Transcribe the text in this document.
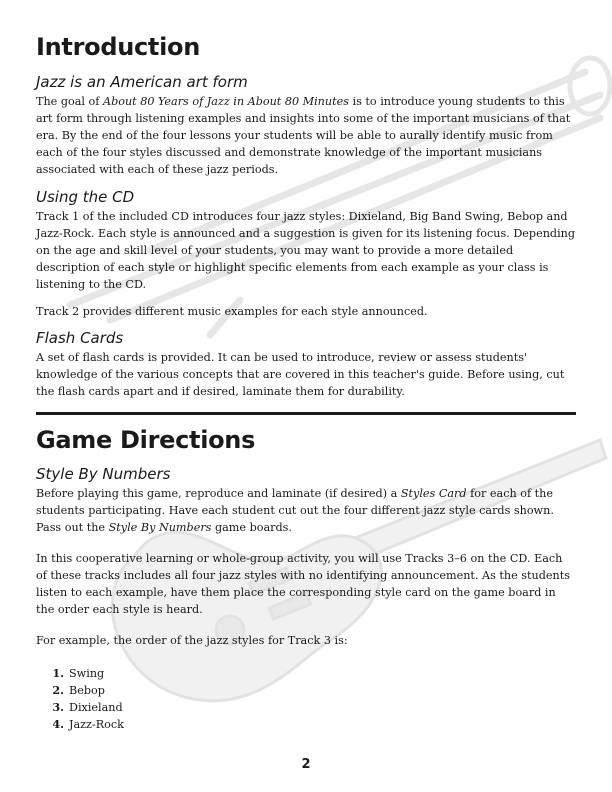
Introduction
Jazz is an American art form

The goal of About 80 Years of Jazz in About 80 Minutes is to introduce young students to this art form through listening examples and insights into some of the important musicians of that era. By the end of the four lessons your students will be able to aurally identify music from each of the four styles discussed and demonstrate knowledge of the important musicians associated with each of these jazz periods.

Using the CD

Track 1 of the included CD introduces four jazz styles: Dixieland, Big Band Swing, Bebop and Jazz-Rock. Each style is announced and a suggestion is given for its listening focus. Depending on the age and skill level of your students, you may want to provide a more detailed description of each style or highlight specific elements from each example as your class is listening to the CD.

Track 2 provides different music examples for each style announced.

Flash Cards

A set of flash cards is provided. It can be used to introduce, review or assess students' knowledge of the various concepts that are covered in this teacher's guide. Before using, cut the flash cards apart and if desired, laminate them for durability.

Game Directions
Style By Numbers

Before playing this game, reproduce and laminate (if desired) a Styles Card for each of the students participating. Have each student cut out the four different jazz style cards shown. Pass out the Style By Numbers game boards.

In this cooperative learning or whole-group activity, you will use Tracks 3–6 on the CD. Each of these tracks includes all four jazz styles with no identifying announcement. As the students listen to each example, have them place the corresponding style card on the game board in the order each style is heard.

For example, the order of the jazz styles for Track 3 is:

1. Swing
2. Bebop
3. Dixieland
4. Jazz-Rock
2
